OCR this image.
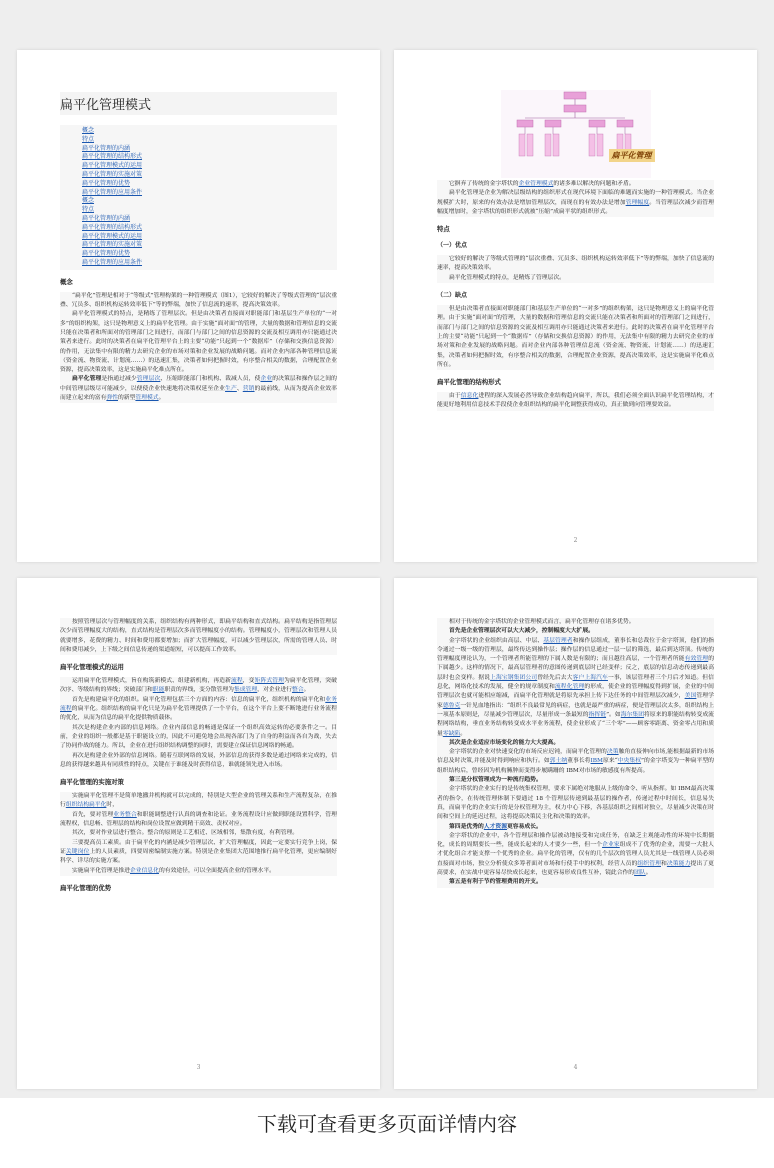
扁平化管理模式
概念
特点
扁平化管理的内涵
扁平化管理的结构形式
扁平化管理模式的运用
扁平化管理的实施对策
扁平化管理的优势
扁平化管理的应用条件
概念
特点
扁平化管理的内涵
扁平化管理的结构形式
扁平化管理模式的运用
扁平化管理的实施对策
扁平化管理的优势
扁平化管理的应用条件
概念

“扁平化”管理是相对于“等级式”管理构架的一种管理模式（图1），它较好的解决了等级式管理的“层次重叠、冗员多、组织机构运转效率低下”等的弊端，加快了信息流的速率，提高决策效率。

扁平化管理模式的特点，是精练了管理层次。但是由决策者直接面对职能部门和基层生产单位的“一对多”的组织构架，这只是物理意义上的扁平化管理。由于实施“面对面”的管理，大量的数据和管理信息的交流只能在决策者和所面对的管理部门之间进行，而部门与部门之间的信息资源的交流及相互调用亦只能通过决策者来进行。此时的决策者在扁平化管理平台上的主要“功能”只起到一个“数据库”（存储和交换信息资源）的作用，无法集中有限的精力去研究企业的市场对策和企业发展的战略问题。而对企业内部各种管理信息流（资金流、物资流、计划流……）的迅速汇集，决策者如何把握时效，有序整合相关的数据，合理配置企业资源，提高决策效率，这是实施扁平化难点所在。

扁平化管理是指通过减少管理层次、压缩职能部门和机构、裁减人员，使企业的决策层和操作层之间的中间管理层级尽可能减少，以便使企业快速地将决策权延至企业生产、营销的最前线，从而为提高企业效率而建立起来的富有弹性的新型管理模式。

扁平化管理

它摒弃了传统的金字塔状的企业管理模式的诸多难以解决的问题和矛盾。

扁平化管理是企业为解决层级结构的组织形式在现代环境下面临的难题而实施的一种管理模式。当企业规模扩大时，原来的有效办法是增加管理层次，而现在的有效办法是增加管理幅度。当管理层次减少而管理幅度增加时，金字塔状的组织形式就被“压缩”成扁平状的组织形式。

特点
（一）优点

它较好的解决了等级式管理的“层次重叠、冗员多、组织机构运转效率低下”等的弊端，加快了信息流的速率，提高决策效率。

扁平化管理模式的特点，是精炼了管理层次。

（二）缺点

但是由决策者直接面对职能部门和基层生产单位的“一对多”的组织构架，这只是物理意义上的扁平化管理。由于实施“面对面”的管理，大量的数据和管理信息的交流只能在决策者和所面对的管理部门之间进行，而部门与部门之间的信息资源的交流及相互调用亦只能通过决策者来进行。此时的决策者在扁平化管理平台上的主要“功能”只起到一个“数据库”（存储和交换信息资源）的作用，无法集中有限的精力去研究企业的市场对策和企业发展的战略问题。而对企业内部各种管理信息流（资金流、物资流、计划流……）的迅速汇集，决策者如何把握时效，有序整合相关的数据，合理配置企业资源，提高决策效率，这是实施扁平化难点所在。

扁平化管理的结构形式

由于信息化进程的深入发展必然导致企业结构趋向扁平，所以，我们必须全面认识扁平化管理结构，才能更好地利用信息技术手段使企业组织结构的扁平化调整获得成功，真正做到向管理要效益。

2

按照管理层次与管理幅度的关系，组织结构有两种形式，即扁平结构和直式结构。扁平结构是指管理层次少而管理幅度大的结构，直式结构是管理层次多而管理幅度小的结构。管理幅度小，管理层次和管理人员就要增多，花费的精力、时间和费用都要增加；而扩大管理幅度，可以减少管理层次，所需的管理人员、时间和费用减少，上下级之间信息传递的渠道缩短，可以提高工作效率。

扁平化管理模式的运用

运用扁平化管理模式，旨在构筑新模式、组建新机构，再造新流程，变矩阵式管理为扁平化管理，突破次序、等级结构的界线；突破部门和职能职责的界线，变分散管理为集成管理，对企业进行整合。

首先是构建扁平化的组织。扁平化管理包括三个方面的内容：信息的扁平化，组织机构的扁平化和业务流程的扁平化。组织结构的扁平化只是为扁平化管理提供了一个平台，在这个平台上要不断地进行业务流程的优化，从而为信息的扁平化提供物质载体。

其次是构建企业内部的信息网络。企业内部信息的畅通是保证一个组织高效运转的必要条件之一。目前，企业的组织一般都是基于职能设立的，因此不可避免地会出现各部门为了自身的利益而各自为战，失去了协同作战的能力。所以，企业在进行组织结构调整的同时，需要建立保证信息网络的畅通。

再次是构建企业外部的信息网络。随着互联网络的发展，外部信息的获得多数是通过网络来完成的，信息的获得越来越具有同质性的特点，关键在于谁能及时获得信息，谁就能领先进入市场。

扁平化管理的实施对策

实施扁平化管理不是简单地撤并机构就可以完成的，特别是大型企业的管理关系和生产流程复杂，在推行组织结构扁平化时，

首先，要对管理业务整合和职能调整进行认真的调查和论证。业务流程设计应做到职能设置科学，管理流程权，信息畅、管理层的结构和岗位设置应做到精干高效、责权对应。

其次，要对作业层进行整合。整合的原则是工艺相近、区域相邻，集散有度，有利管理。

三要提高员工素质。由于扁平化的内涵是减少管理层次、扩大管理幅度，因此一定要实行竞争上岗，保证关键岗位上的人员素质，四要周密编制实施方案。特别是企业集团大范围地推行扁平化管理，更应编制好科学、详尽的实施方案。

实施扁平化管理是推进企业信息化的有效途径，可以全面提高企业的管理水平。

扁平化管理的优势
3

相对于传统的金字塔状的企业管理模式而言，扁平化管理存在诸多优势。

首先是企业管理层次可以大大减少，控制幅度大大扩展。

金字塔状的企业组织由高层、中层、基层管理者和操作层组成，董事长和总裁位于金字塔顶，他们的指令通过一级一级的管理层，最终传达到操作层；操作层的信息通过一层一层的筛选，最后到达塔顶。传统的管理幅度理论认为，一个管理者所能管理的下属人数是有限的；而且越往高层，一个管理者所能有效管理的下属越少。这样的情况下，最高层管理者的意图传递到底层时已经变样；反之，底层的信息动态传递到最高层时也会变样。据说上海宝钢集团公司曾经先后去大客户上海汽车一事，该层管理者三个月后才知道。但信息化，网络化技术的发展，健全的规章制度和流程化管理的形成，使企业的管理幅度得到扩展，企业的中间管理层次也就可能相应缩减，而扁平化管理就是将原先承担上传下达任务的中间管理层次减少，美国管理学家德鲁克一针见血地指出：“组织不良最常见的病症，也就是最严重的病症，便是管理层次太多，组织结构上一项基本原则是，尽量减少管理层次，尽量形成一条最短的指挥链”。如海尔集团将原来的职能结构转变成流程网络结构，垂直业务结构转变成水平业务流程，使企业形成了“三个零”——顾客零距离、资金零占用和质量零缺陷。

其次是企业适应市场变化的能力大大提高。

金字塔状的企业对快速变化的市场反应迟钝，而扁平化管理的决策触角直接伸向市场,能根据最新的市场信息及时决策,并能及时得到响应和执行。如郭士纳董事长将IBM原来“中央集权”的金字塔变为一种扁平型的组织结构后，曾经因为机构臃肿而变得步履蹒跚的 IBM对市场的敏感度有所提高。

第三是分权管理成为一种流行趋势。

金字塔状的企业实行的是传统集权管理，要求下属绝对地服从上级的命令、听从指挥。如 IBM最高决策者的指令，在传统管理体制下要通过 18 个管理层传递到最基层的操作者，传递过程中时间长，信息易失真，而扁平化的企业实行的是分权管理为主，权力中心下移，各基层组织之间相对独立，尽量减少决策在时间和空间上的延迟过程，这将提高决策民主化和决策的效率。

第四是优秀的人才资源更容易成长。

金字塔状的企业中，各个管理层和操作层被动地接受和完成任务，在缺乏主观能动性的环境中长期僵化，成长的周期要长一些，能成长起来的人才要少一些，但一个企业家组成不了优秀的企业，需要一大批人才优化组合才能支撑一个优秀的企业。扁平化的管理，仅有的几个层次的管理人员尤其是一线管理人员必须直接面对市场，独立分析使众多筹者面对市场和行使手中的权利，经营人员的组织管理和决策能力提出了更高要求，在实战中更容易尽快成长起来，也更容易形成良性互补，镜此合作的团队。

第五是有利于节约管理费用的开支。

4
下载可查看更多页面详情内容
